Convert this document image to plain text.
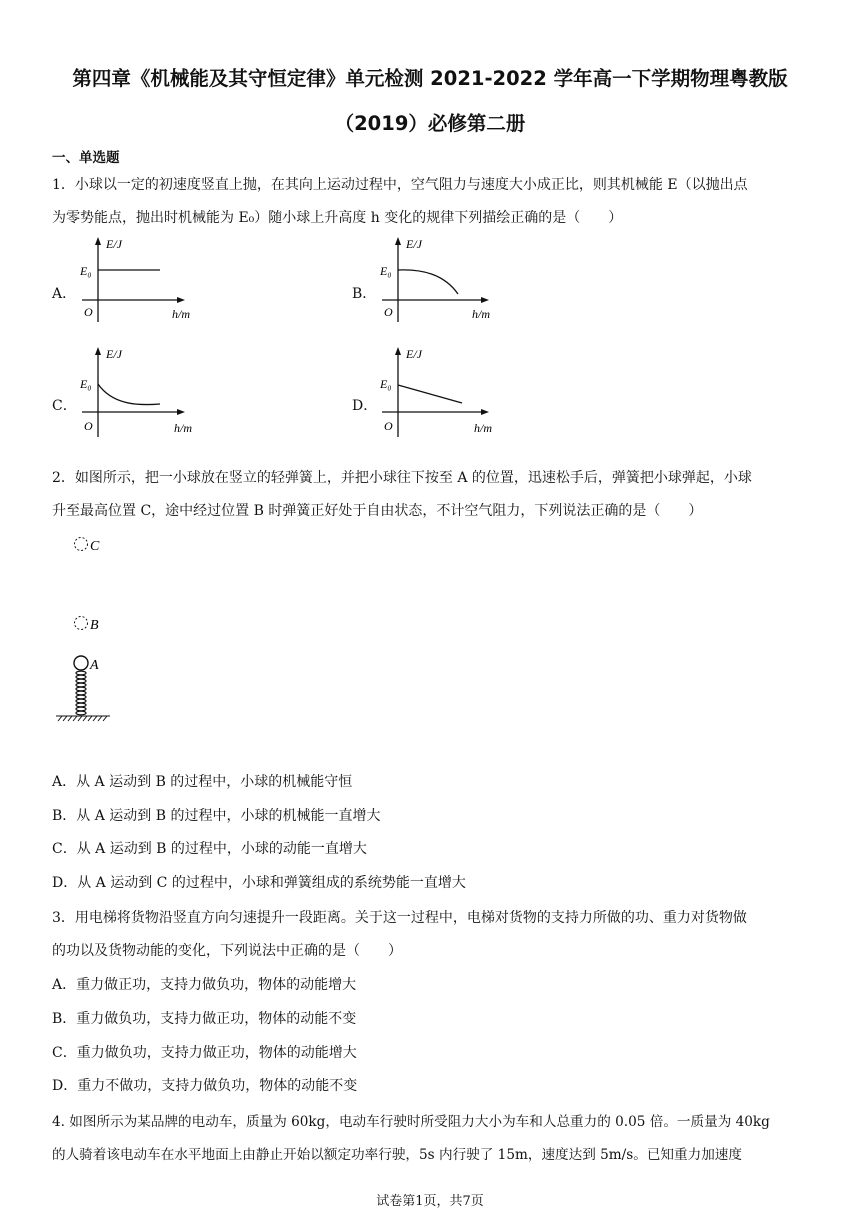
第四章《机械能及其守恒定律》单元检测 2021-2022 学年高一下学期物理粤教版
（2019）必修第二册
一、单选题
1．小球以一定的初速度竖直上抛，在其向上运动过程中，空气阻力与速度大小成正比，则其机械能 E（以抛出点
为零势能点，抛出时机械能为 E₀）随小球上升高度 h 变化的规律下列描绘正确的是（　　）
A．	B．
C．	D．
E/J
E₀
O	h/m
E/J
E₀
O	h/m
E/J
E₀
O	h/m
E/J
E₀
O	h/m
2．如图所示，把一小球放在竖立的轻弹簧上，并把小球往下按至 A 的位置，迅速松手后，弹簧把小球弹起，小球
升至最高位置 C，途中经过位置 B 时弹簧正好处于自由状态，不计空气阻力，下列说法正确的是（　　）
C
B
A
A．从 A 运动到 B 的过程中，小球的机械能守恒
B．从 A 运动到 B 的过程中，小球的机械能一直增大
C．从 A 运动到 B 的过程中，小球的动能一直增大
D．从 A 运动到 C 的过程中，小球和弹簧组成的系统势能一直增大
3．用电梯将货物沿竖直方向匀速提升一段距离。关于这一过程中，电梯对货物的支持力所做的功、重力对货物做
的功以及货物动能的变化，下列说法中正确的是（　　）
A．重力做正功，支持力做负功，物体的动能增大
B．重力做负功，支持力做正功，物体的动能不变
C．重力做负功，支持力做正功，物体的动能增大
D．重力不做功，支持力做负功，物体的动能不变
4. 如图所示为某品牌的电动车，质量为 60kg，电动车行驶时所受阻力大小为车和人总重力的 0.05 倍。一质量为 40kg
的人骑着该电动车在水平地面上由静止开始以额定功率行驶，5s 内行驶了 15m，速度达到 5m/s。已知重力加速度
试卷第1页，共7页
